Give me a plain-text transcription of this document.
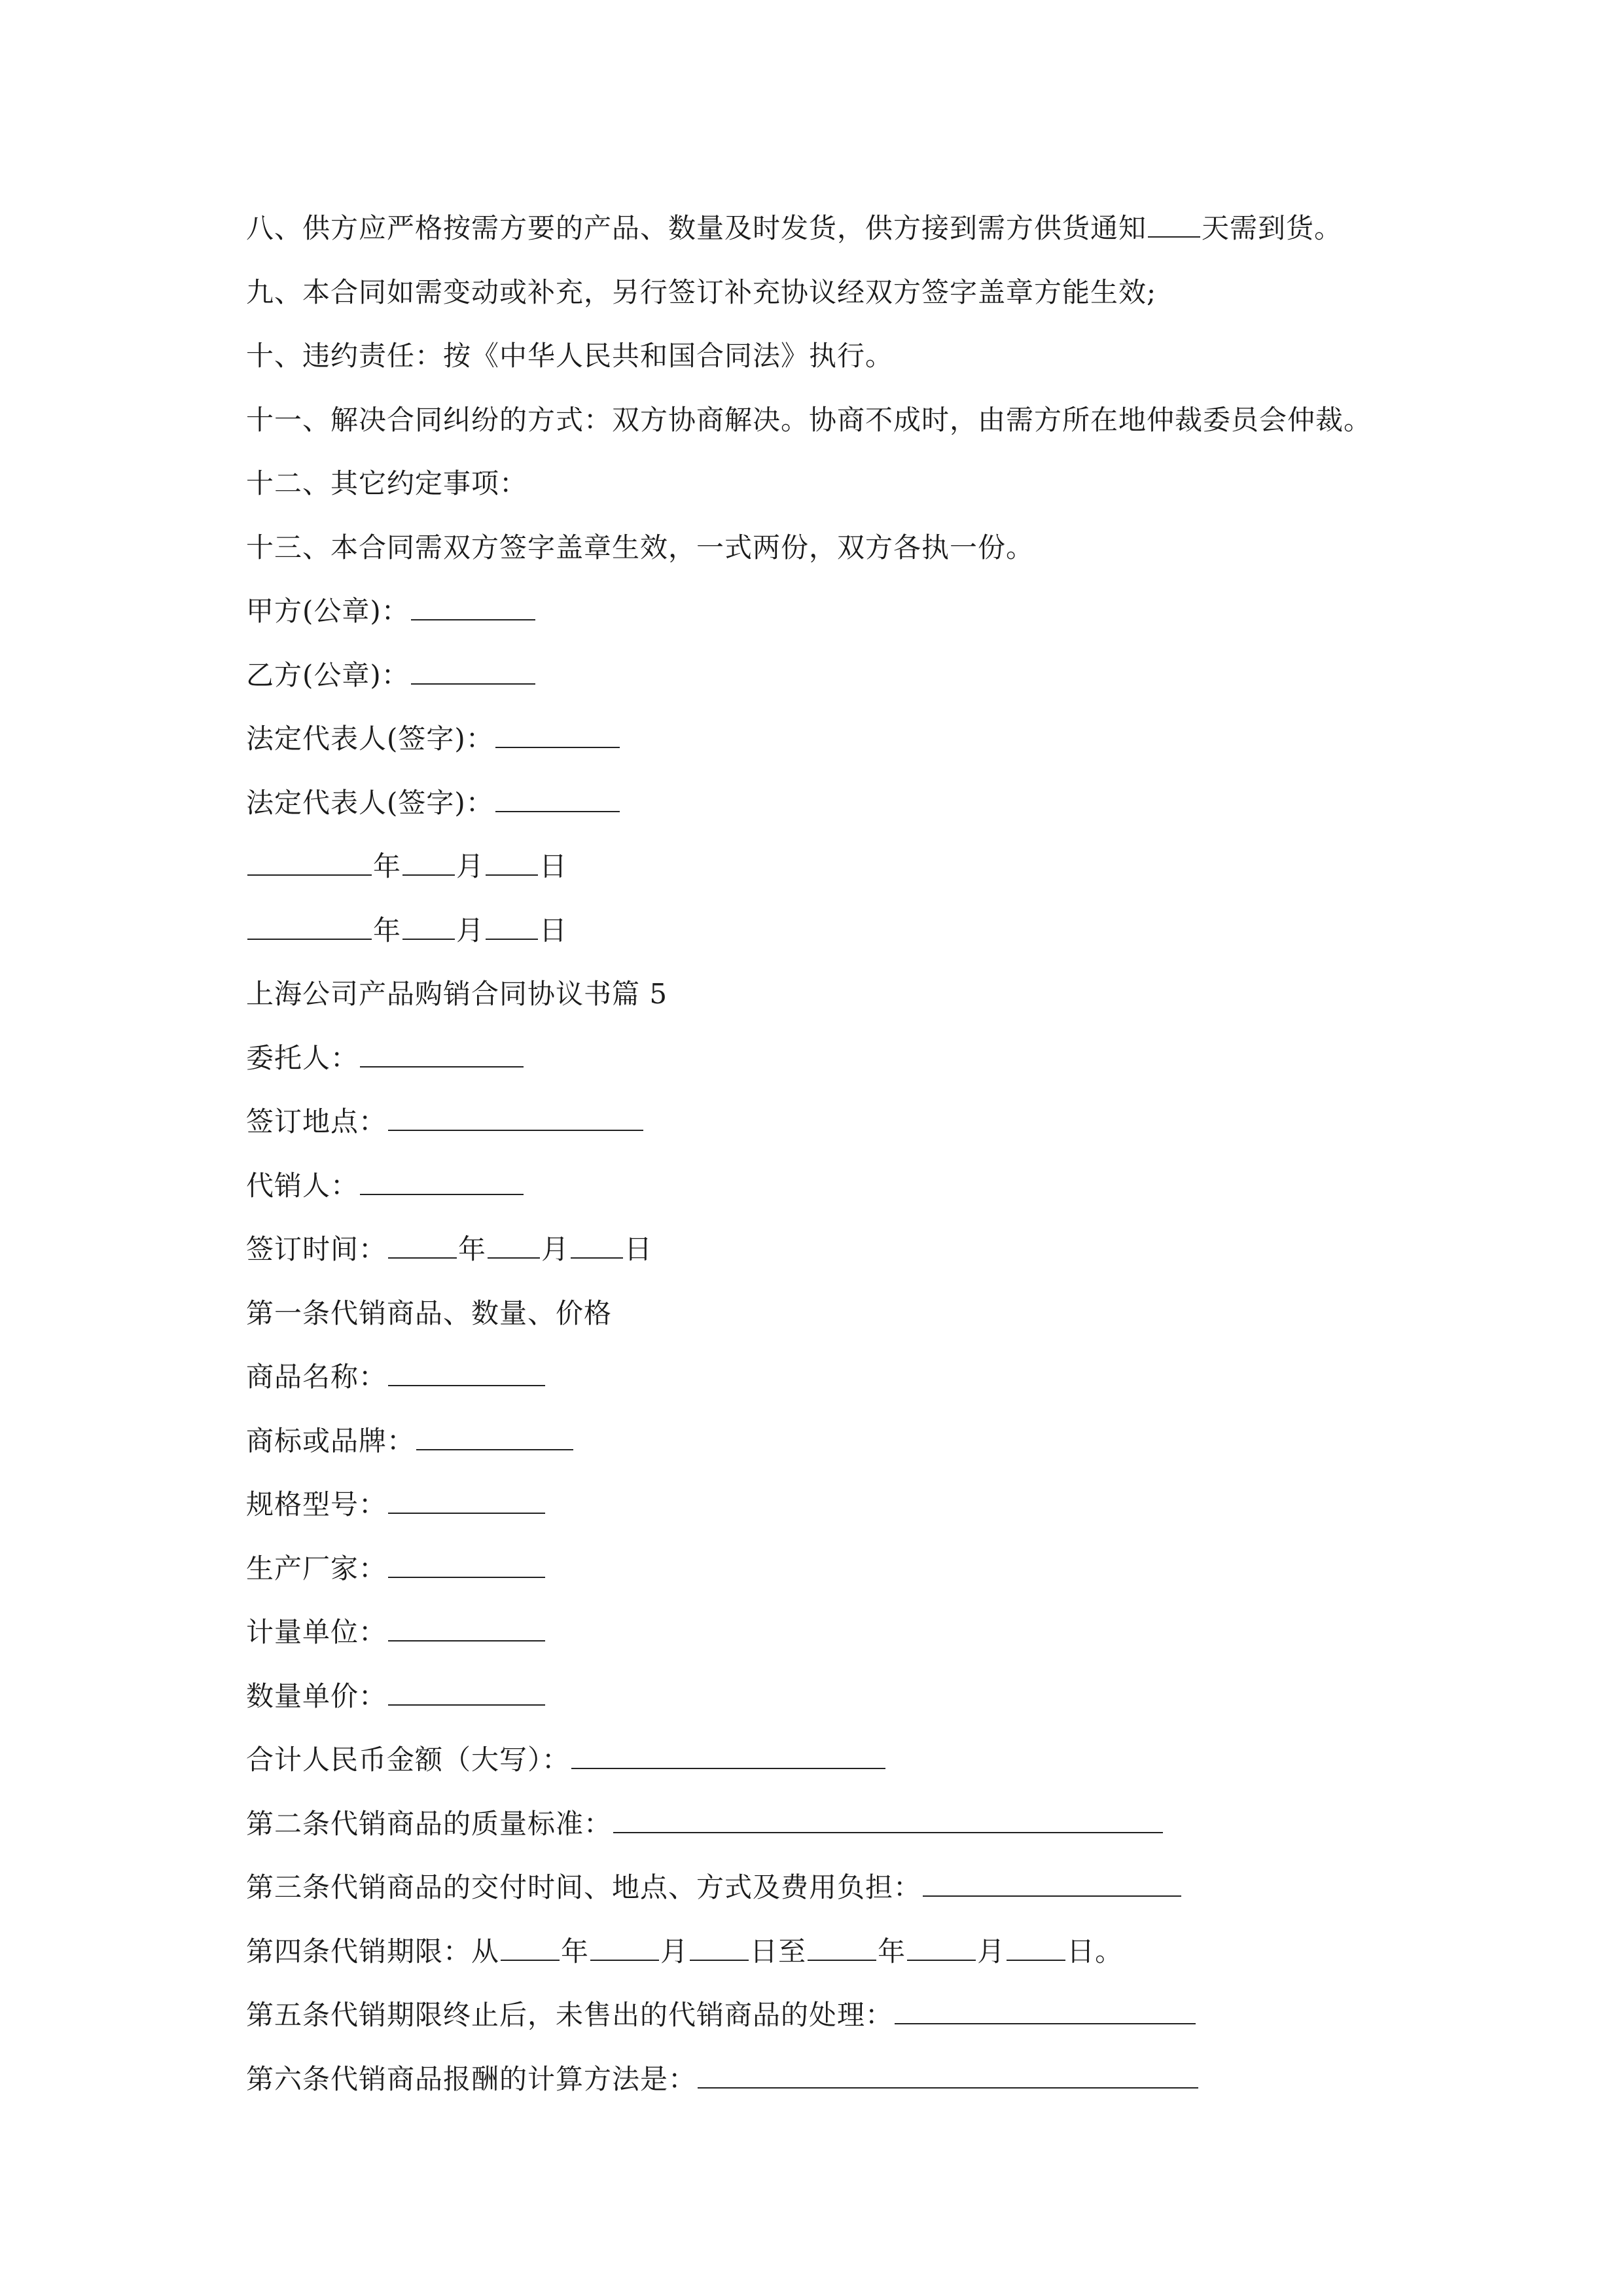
八、供方应严格按需方要的产品、数量及时发货，供方接到需方供货通知 天需到货。
九、本合同如需变动或补充，另行签订补充协议经双方签字盖章方能生效;
十、违约责任：按《中华人民共和国合同法》执行。
十一、解决合同纠纷的方式：双方协商解决。协商不成时，由需方所在地仲裁委员会仲裁。
十二、其它约定事项：
十三、本合同需双方签字盖章生效，一式两份，双方各执一份。
甲方(公章)：
乙方(公章)：
法定代表人(签字)：
法定代表人(签字)：
年 月 日
年 月 日
上海公司产品购销合同协议书篇 5
委托人：
签订地点：
代销人：
签订时间：	年 月 日
第一条代销商品、数量、价格
商品名称：
商标或品牌：
规格型号：
生产厂家：
计量单位：
数量单价：
合计人民币金额（大写）：
第二条代销商品的质量标准：
第三条代销商品的交付时间、地点、方式及费用负担：
第四条代销期限：从 年	月 日至	年	月 日。
第五条代销期限终止后，未售出的代销商品的处理：
第六条代销商品报酬的计算方法是：
